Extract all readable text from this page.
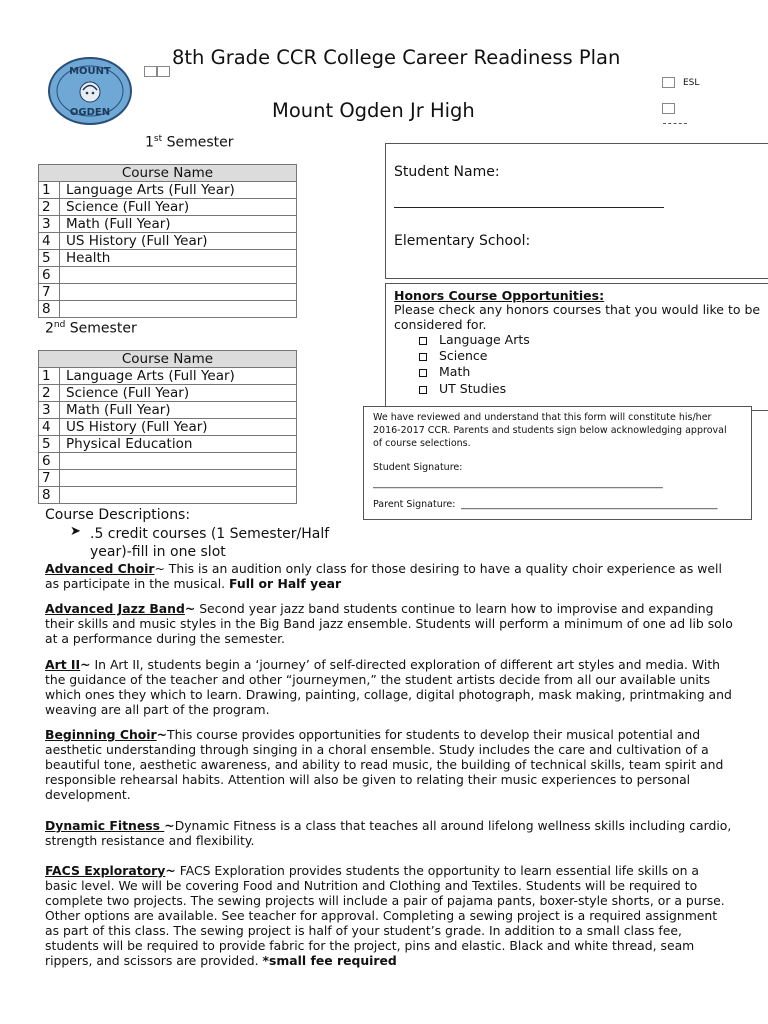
MOUNT
OGDEN
8th Grade CCR College Career Readiness Plan
Mount Ogden Jr High
ESL
1st Semester
Course Name	
1	Language Arts (Full Year)
2	Science (Full Year)
3	Math (Full Year)
4	US History (Full Year)
5	Health
6	
7	
8	
2nd Semester
Course Name	
1	Language Arts (Full Year)
2	Science (Full Year)
3	Math (Full Year)
4	US History (Full Year)
5	Physical Education
6	
7	
8	
Student Name:
Elementary School:
Honors Course Opportunities:
Please check any honors courses that you would like to be considered for.
Language Arts
Science
Math
UT Studies
We have reviewed and understand that this form will constitute his/her 2016-2017 CCR. Parents and students sign below acknowledging approval of course selections.
Student Signature:
_____________________________________________________________
Parent Signature: ______________________________________________________
Course Descriptions:
➤ .5 credit courses (1 Semester/Half
year)-fill in one slot
Advanced Choir~ This is an audition only class for those desiring to have a quality choir experience as well as participate in the musical. Full or Half year
Advanced Jazz Band~ Second year jazz band students continue to learn how to improvise and expanding their skills and music styles in the Big Band jazz ensemble. Students will perform a minimum of one ad lib solo at a performance during the semester.
Art II~ In Art II, students begin a ‘journey’ of self-directed exploration of different art styles and media. With the guidance of the teacher and other “journeymen,” the student artists decide from all our available units which ones they which to learn. Drawing, painting, collage, digital photograph, mask making, printmaking and weaving are all part of the program.
Beginning Choir~This course provides opportunities for students to develop their musical potential and aesthetic understanding through singing in a choral ensemble. Study includes the care and cultivation of a beautiful tone, aesthetic awareness, and ability to read music, the building of technical skills, team spirit and responsible rehearsal habits. Attention will also be given to relating their music experiences to personal development.
Dynamic Fitness ~Dynamic Fitness is a class that teaches all around lifelong wellness skills including cardio, strength resistance and flexibility.
FACS Exploratory~ FACS Exploration provides students the opportunity to learn essential life skills on a basic level. We will be covering Food and Nutrition and Clothing and Textiles. Students will be required to complete two projects. The sewing projects will include a pair of pajama pants, boxer-style shorts, or a purse. Other options are available. See teacher for approval. Completing a sewing project is a required assignment as part of this class. The sewing project is half of your student’s grade. In addition to a small class fee, students will be required to provide fabric for the project, pins and elastic. Black and white thread, seam rippers, and scissors are provided. *small fee required
